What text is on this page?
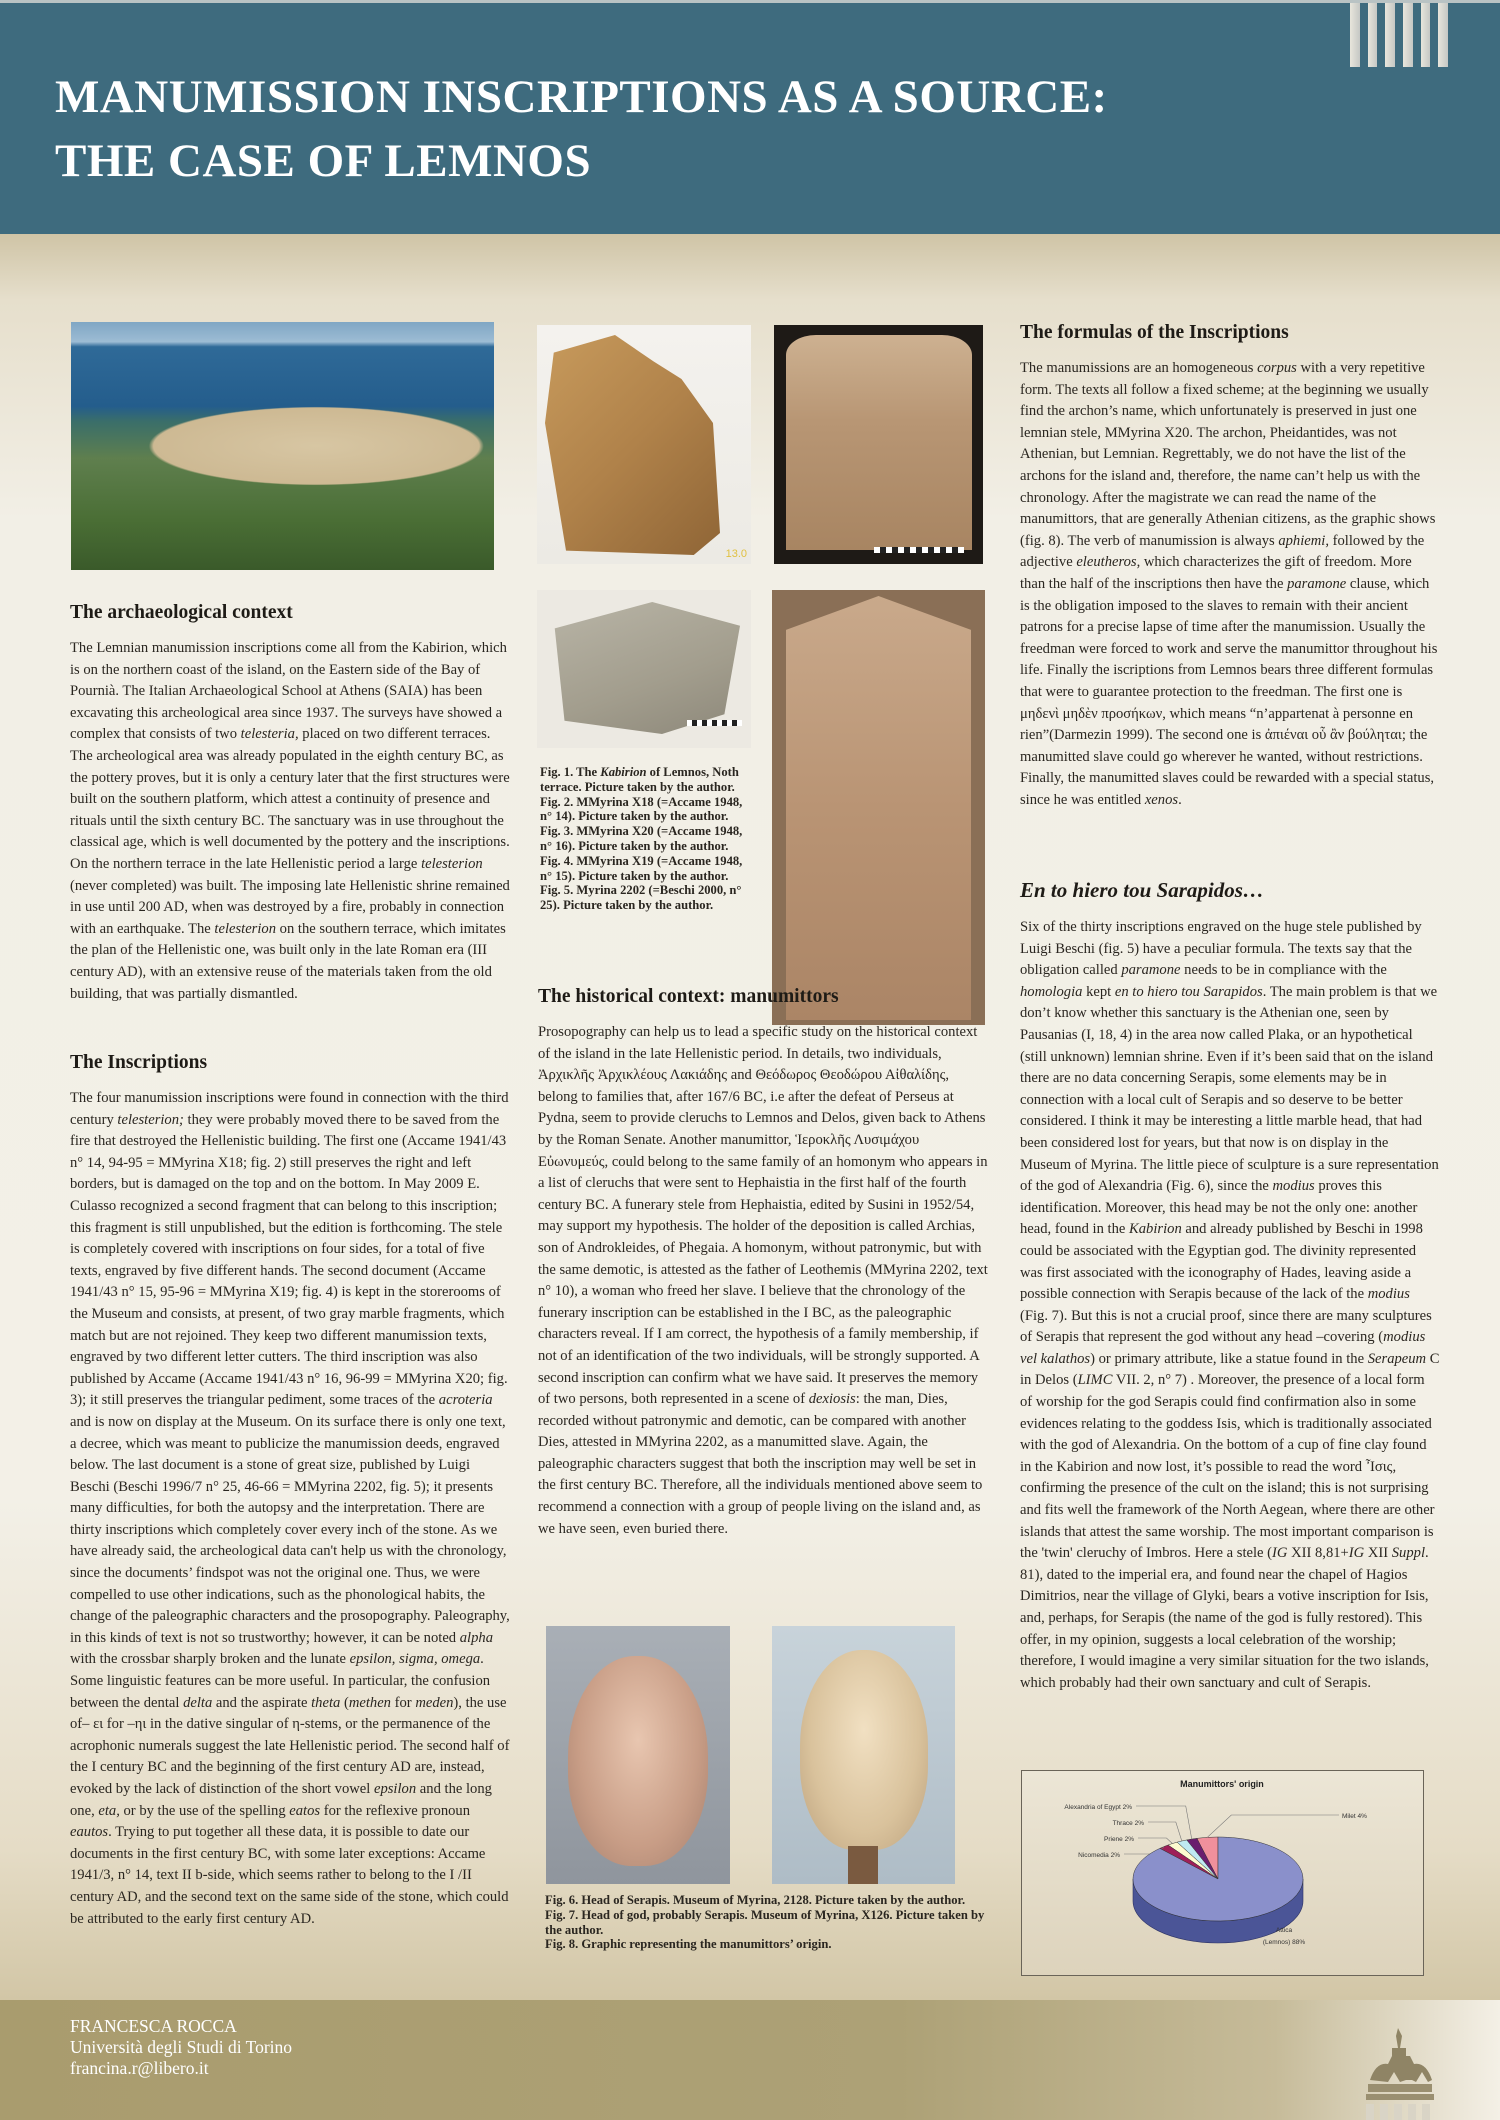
MANUMISSION INSCRIPTIONS AS A SOURCE:
THE CASE OF LEMNOS
The archaeological context

The Lemnian manumission inscriptions come all from the Kabirion, which is on the northern coast of the island, on the Eastern side of the Bay of Pournià. The Italian Archaeological School at Athens (SAIA) has been excavating this archeological area since 1937. The surveys have showed a complex that consists of two telesteria, placed on two different terraces. The archeological area was already populated in the eighth century BC, as the pottery proves, but it is only a century later that the first structures were built on the southern platform, which attest a continuity of presence and rituals until the sixth century BC. The sanctuary was in use throughout the classical age, which is well documented by the pottery and the inscriptions. On the northern terrace in the late Hellenistic period a large telesterion (never completed) was built. The imposing late Hellenistic shrine remained in use until 200 AD, when was destroyed by a fire, probably in connection with an earthquake. The telesterion on the southern terrace, which imitates the plan of the Hellenistic one, was built only in the late Roman era (III century AD), with an extensive reuse of the materials taken from the old building, that was partially dismantled.

The Inscriptions

The four manumission inscriptions were found in connection with the third century telesterion; they were probably moved there to be saved from the fire that destroyed the Hellenistic building. The first one (Accame 1941/43 n° 14, 94-95 = MMyrina X18; fig. 2) still preserves the right and left borders, but is damaged on the top and on the bottom. In May 2009 E. Culasso recognized a second fragment that can belong to this inscription; this fragment is still unpublished, but the edition is forthcoming. The stele is completely covered with inscriptions on four sides, for a total of five texts, engraved by five different hands. The second document (Accame 1941/43 n° 15, 95-96 = MMyrina X19; fig. 4) is kept in the storerooms of the Museum and consists, at present, of two gray marble fragments, which match but are not rejoined. They keep two different manumission texts, engraved by two different letter cutters. The third inscription was also published by Accame (Accame 1941/43 n° 16, 96-99 = MMyrina X20; fig. 3); it still preserves the triangular pediment, some traces of the acroteria and is now on display at the Museum. On its surface there is only one text, a decree, which was meant to publicize the manumission deeds, engraved below. The last document is a stone of great size, published by Luigi Beschi (Beschi 1996/7 n° 25, 46-66 = MMyrina 2202, fig. 5); it presents many difficulties, for both the autopsy and the interpretation. There are thirty inscriptions which completely cover every inch of the stone. As we have already said, the archeological data can't help us with the chronology, since the documents’ findspot was not the original one. Thus, we were compelled to use other indications, such as the phonological habits, the change of the paleographic characters and the prosopography. Paleography, in this kinds of text is not so trustworthy; however, it can be noted alpha with the crossbar sharply broken and the lunate epsilon, sigma, omega. Some linguistic features can be more useful. In particular, the confusion between the dental delta and the aspirate theta (methen for meden), the use of– ει for –ηι in the dative singular of η-stems, or the permanence of the acrophonic numerals suggest the late Hellenistic period. The second half of the I century BC and the beginning of the first century AD are, instead, evoked by the lack of distinction of the short vowel epsilon and the long one, eta, or by the use of the spelling eatos for the reflexive pronoun eautos. Trying to put together all these data, it is possible to date our documents in the first century BC, with some later exceptions: Accame 1941/3, n° 14, text II b-side, which seems rather to belong to the I /II century AD, and the second text on the same side of the stone, which could be attributed to the early first century AD.

13.0
Fig. 1. The Kabirion of Lemnos, Noth terrace. Picture taken by the author.
Fig. 2. MMyrina X18 (=Accame 1948, n° 14). Picture taken by the author.
Fig. 3. MMyrina X20 (=Accame 1948, n° 16). Picture taken by the author.
Fig. 4. MMyrina X19 (=Accame 1948, n° 15). Picture taken by the author.
Fig. 5. Myrina 2202 (=Beschi 2000, n° 25). Picture taken by the author.
The historical context: manumittors

Prosopography can help us to lead a specific study on the historical context of the island in the late Hellenistic period. In details, two individuals, Ἀρχικλῆς Ἀρχικλέους Λακιάδης and Θεόδωρος Θεοδώρου Αἰθαλίδης, belong to families that, after 167/6 BC, i.e after the defeat of Perseus at Pydna, seem to provide cleruchs to Lemnos and Delos, given back to Athens by the Roman Senate. Another manumittor, Ἱεροκλῆς Λυσιμάχου Εὐωνυμεύς, could belong to the same family of an homonym who appears in a list of cleruchs that were sent to Hephaistia in the first half of the fourth century BC. A funerary stele from Hephaistia, edited by Susini in 1952/54, may support my hypothesis. The holder of the deposition is called Archias, son of Androkleides, of Phegaia. A homonym, without patronymic, but with the same demotic, is attested as the father of Leothemis (MMyrina 2202, text n° 10), a woman who freed her slave. I believe that the chronology of the funerary inscription can be established in the I BC, as the paleographic characters reveal. If I am correct, the hypothesis of a family membership, if not of an identification of the two individuals, will be strongly supported. A second inscription can confirm what we have said. It preserves the memory of two persons, both represented in a scene of dexiosis: the man, Dies, recorded without patronymic and demotic, can be compared with another Dies, attested in MMyrina 2202, as a manumitted slave. Again, the paleographic characters suggest that both the inscription may well be set in the first century BC. Therefore, all the individuals mentioned above seem to recommend a connection with a group of people living on the island and, as we have seen, even buried there.

Fig. 6. Head of Serapis. Museum of Myrina, 2128. Picture taken by the author.
Fig. 7. Head of god, probably Serapis. Museum of Myrina, X126. Picture taken by the author.
Fig. 8. Graphic representing the manumittors’ origin.
The formulas of the Inscriptions

The manumissions are an homogeneous corpus with a very repetitive form. The texts all follow a fixed scheme; at the beginning we usually find the archon’s name, which unfortunately is preserved in just one lemnian stele, MMyrina X20. The archon, Pheidantides, was not Athenian, but Lemnian. Regrettably, we do not have the list of the archons for the island and, therefore, the name can’t help us with the chronology. After the magistrate we can read the name of the manumittors, that are generally Athenian citizens, as the graphic shows (fig. 8). The verb of manumission is always aphiemi, followed by the adjective eleutheros, which characterizes the gift of freedom. More than the half of the inscriptions then have the paramone clause, which is the obligation imposed to the slaves to remain with their ancient patrons for a precise lapse of time after the manumission. Usually the freedman were forced to work and serve the manumittor throughout his life. Finally the iscriptions from Lemnos bears three different formulas that were to guarantee protection to the freedman. The first one is μηδενὶ μηδὲν προσήκων, which means “n’appartenat à personne en rien”(Darmezin 1999). The second one is ἀπιέναι οὗ ἂν βούληται; the manumitted slave could go wherever he wanted, without restrictions. Finally, the manumitted slaves could be rewarded with a special status, since he was entitled xenos.

En to hiero tou Sarapidos…

Six of the thirty inscriptions engraved on the huge stele published by Luigi Beschi (fig. 5) have a peculiar formula. The texts say that the obligation called paramone needs to be in compliance with the homologia kept en to hiero tou Sarapidos. The main problem is that we don’t know whether this sanctuary is the Athenian one, seen by Pausanias (I, 18, 4) in the area now called Plaka, or an hypothetical (still unknown) lemnian shrine. Even if it’s been said that on the island there are no data concerning Serapis, some elements may be in connection with a local cult of Serapis and so deserve to be better considered. I think it may be interesting a little marble head, that had been considered lost for years, but that now is on display in the Museum of Myrina. The little piece of sculpture is a sure representation of the god of Alexandria (Fig. 6), since the modius proves this identification. Moreover, this head may be not the only one: another head, found in the Kabirion and already published by Beschi in 1998 could be associated with the Egyptian god. The divinity represented was first associated with the iconography of Hades, leaving aside a possible connection with Serapis because of the lack of the modius (Fig. 7). But this is not a crucial proof, since there are many sculptures of Serapis that represent the god without any head –covering (modius vel kalathos) or primary attribute, like a statue found in the Serapeum C in Delos (LIMC VII. 2, n° 7) . Moreover, the presence of a local form of worship for the god Serapis could find confirmation also in some evidences relating to the goddess Isis, which is traditionally associated with the god of Alexandria. On the bottom of a cup of fine clay found in the Kabirion and now lost, it’s possible to read the word Ἶσις, confirming the presence of the cult on the island; this is not surprising and fits well the framework of the North Aegean, where there are other islands that attest the same worship. The most important comparison is the 'twin' cleruchy of Imbros. Here a stele (IG XII 8,81+IG XII Suppl. 81), dated to the imperial era, and found near the chapel of Hagios Dimitrios, near the village of Glyki, bears a votive inscription for Isis, and, perhaps, for Serapis (the name of the god is fully restored). This offer, in my opinion, suggests a local celebration of the worship; therefore, I would imagine a very similar situation for the two islands, which probably had their own sanctuary and cult of Serapis.

Manumittors' origin
Milet 4%
Alexandria of Egypt 2%
Thrace 2%
Priene 2%
Nicomedia 2%
Attica
(Lemnos) 88%
FRANCESCA ROCCA
Università degli Studi di Torino
francina.r@libero.it
